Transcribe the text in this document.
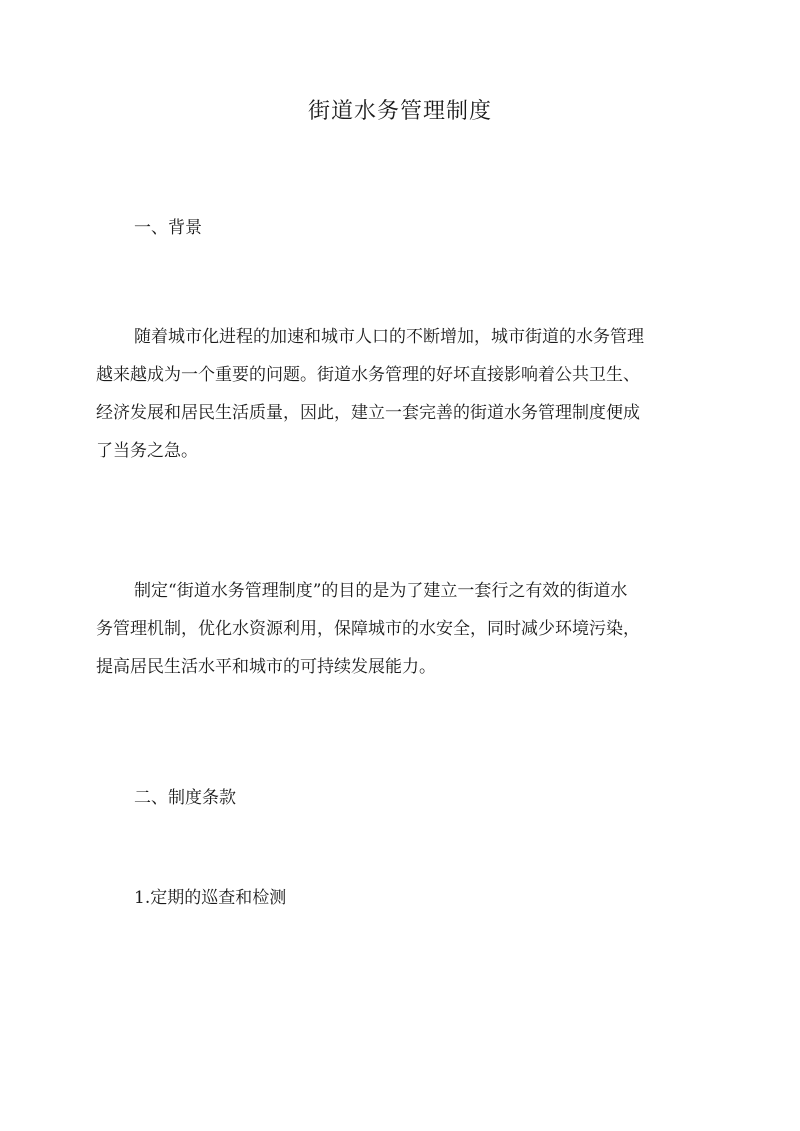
街道水务管理制度
一、背景
随着城市化进程的加速和城市人口的不断增加，城市街道的水务管理
越来越成为一个重要的问题。街道水务管理的好坏直接影响着公共卫生、
经济发展和居民生活质量，因此，建立一套完善的街道水务管理制度便成
了当务之急。
制定“街道水务管理制度”的目的是为了建立一套行之有效的街道水
务管理机制，优化水资源利用，保障城市的水安全，同时减少环境污染，
提高居民生活水平和城市的可持续发展能力。
二、制度条款
1.定期的巡查和检测
